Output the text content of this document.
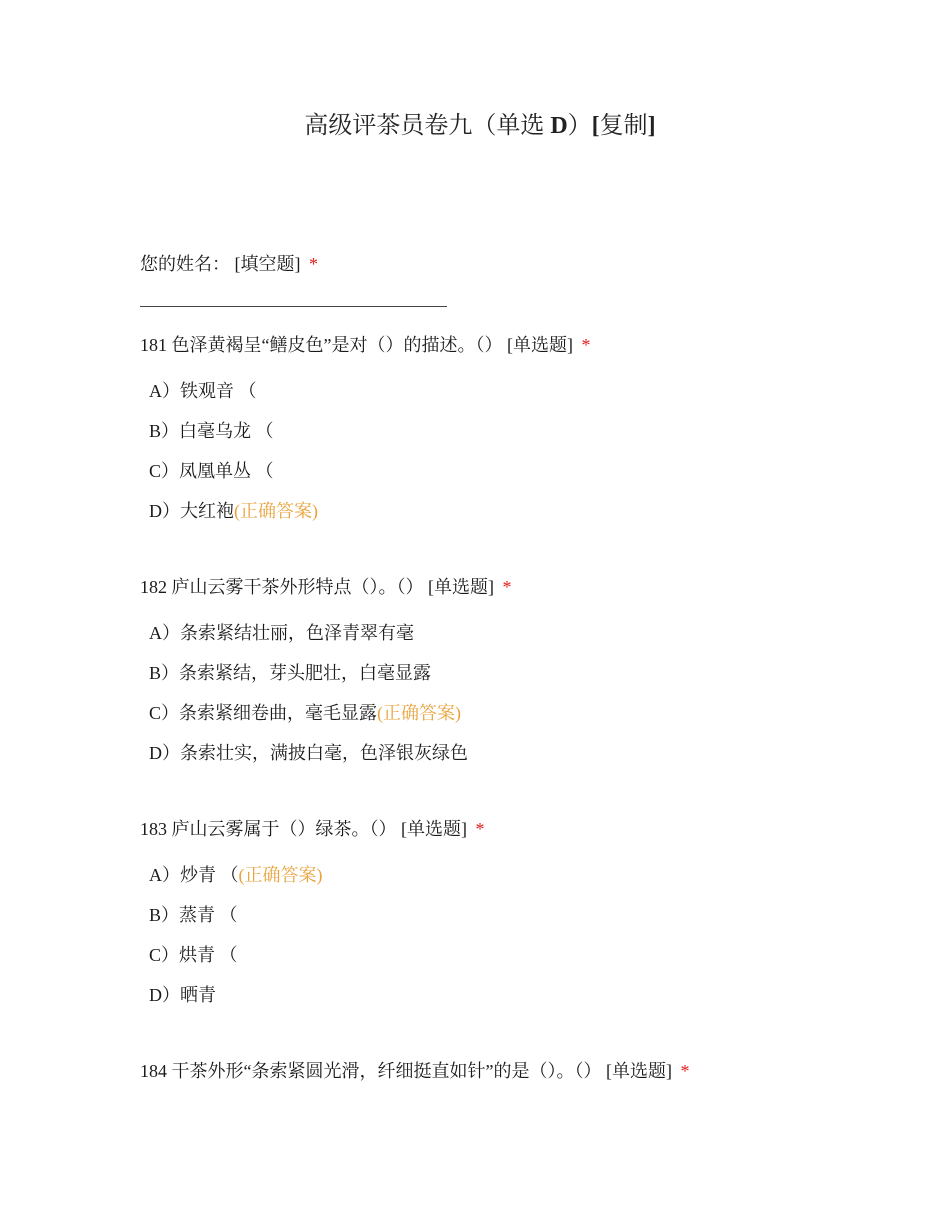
高级评茶员卷九（单选 D）[复制]
您的姓名： [填空题] *
181 色泽黄褐呈“鳝皮色”是对（）的描述。（） [单选题] *
A）铁观音 （
B）白毫乌龙 （
C）凤凰单丛 （
D）大红袍(正确答案)
182 庐山云雾干茶外形特点（）。（） [单选题] *
A）条索紧结壮丽，色泽青翠有毫
B）条索紧结，芽头肥壮，白毫显露
C）条索紧细卷曲，毫毛显露(正确答案)
D）条索壮实，满披白毫，色泽银灰绿色
183 庐山云雾属于（）绿茶。（） [单选题] *
A）炒青 （(正确答案)
B）蒸青 （
C）烘青 （
D）晒青
184 干茶外形“条索紧圆光滑，纤细挺直如针”的是（）。（） [单选题] *
